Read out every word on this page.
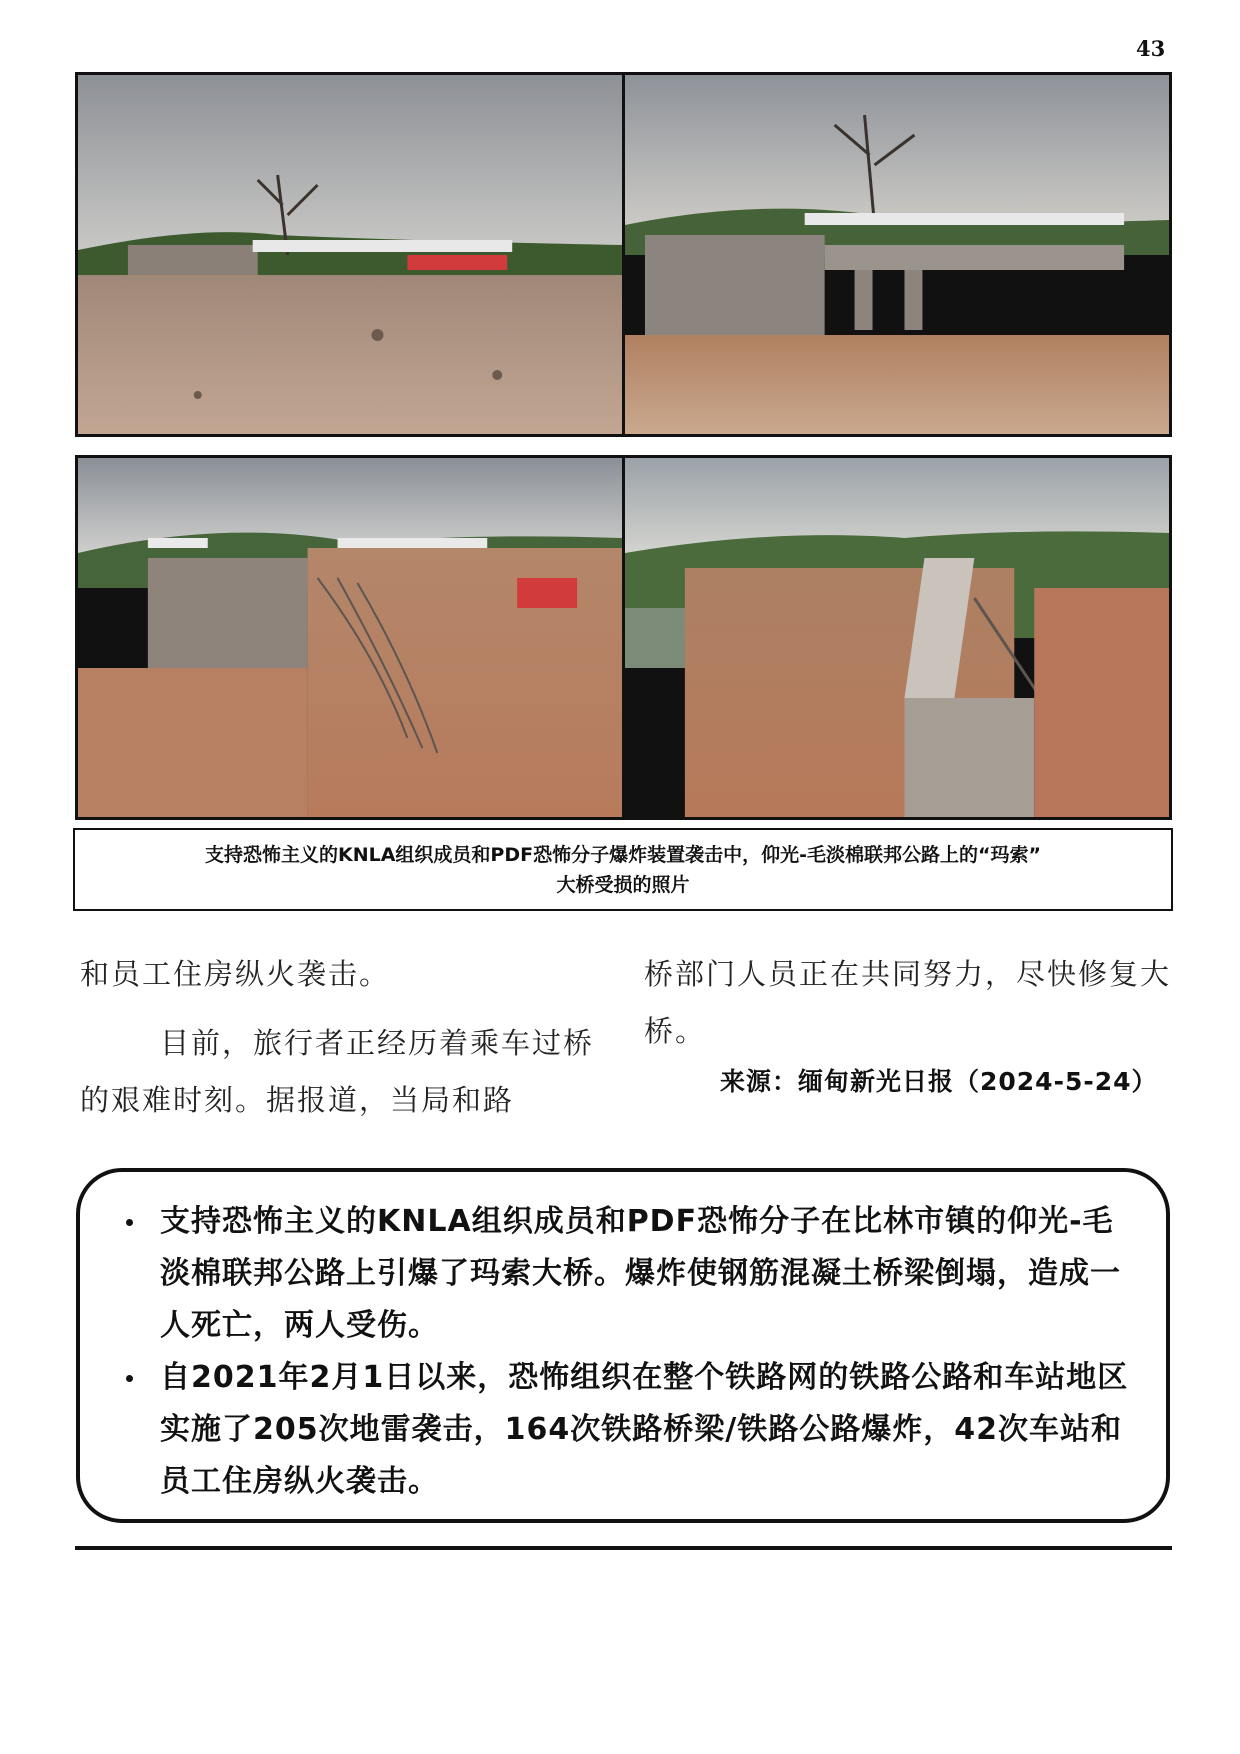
43
支持恐怖主义的KNLA组织成员和PDF恐怖分子爆炸装置袭击中，仰光-毛淡棉联邦公路上的“玛索”
大桥受损的照片

和员工住房纵火袭击。

目前，旅行者正经历着乘车过桥的艰难时刻。据报道，当局和路

桥部门人员正在共同努力，尽快修复大桥。

来源：缅甸新光日报（2024-5-24）
支持恐怖主义的KNLA组织成员和PDF恐怖分子在比林市镇的仰光-毛淡棉联邦公路上引爆了玛索大桥。爆炸使钢筋混凝土桥梁倒塌，造成一人死亡，两人受伤。
自2021年2月1日以来，恐怖组织在整个铁路网的铁路公路和车站地区实施了205次地雷袭击，164次铁路桥梁/铁路公路爆炸，42次车站和员工住房纵火袭击。
